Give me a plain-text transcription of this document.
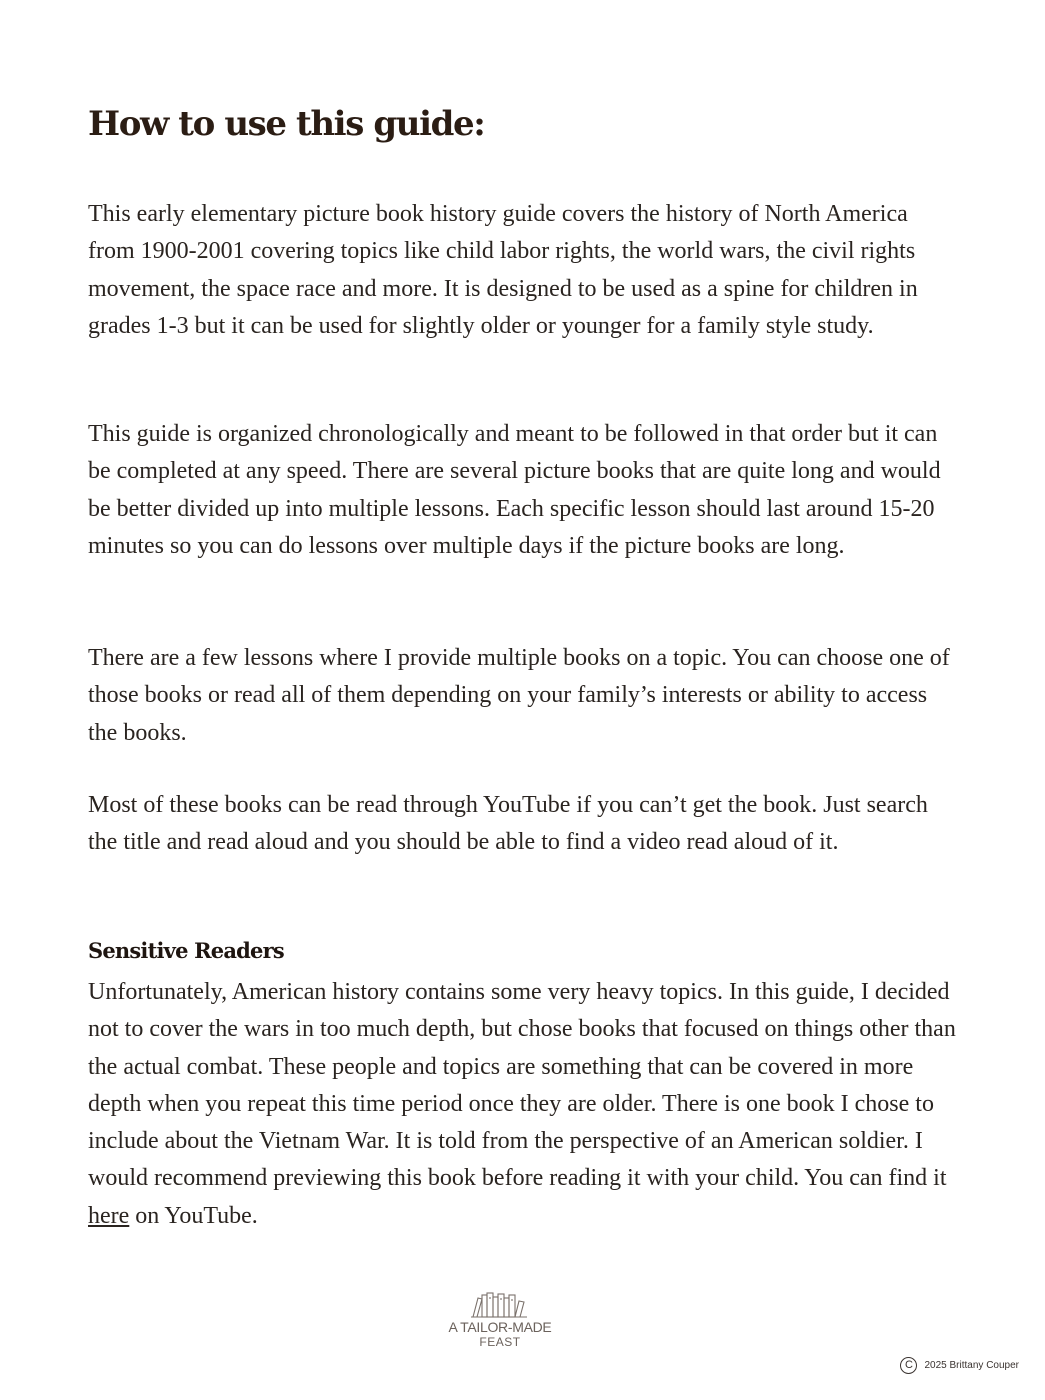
How to use this guide:

This early elementary picture book history guide covers the history of North America from 1900-2001 covering topics like child labor rights, the world wars, the civil rights movement, the space race and more. It is designed to be used as a spine for children in grades 1-3 but it can be used for slightly older or younger for a family style study.

This guide is organized chronologically and meant to be followed in that order but it can be completed at any speed. There are several picture books that are quite long and would be better divided up into multiple lessons. Each specific lesson should last around 15-20 minutes so you can do lessons over multiple days if the picture books are long.

There are a few lessons where I provide multiple books on a topic. You can choose one of those books or read all of them depending on your family’s interests or ability to access the books.

Most of these books can be read through YouTube if you can’t get the book. Just search the title and read aloud and you should be able to find a video read aloud of it.

Sensitive Readers

Unfortunately, American history contains some very heavy topics. In this guide, I decided not to cover the wars in too much depth, but chose books that focused on things other than the actual combat. These people and topics are something that can be covered in more depth when you repeat this time period once they are older. There is one book I chose to include about the Vietnam War. It is told from the perspective of an American soldier. I would recommend previewing this book before reading it with your child. You can find it here on YouTube.

A TAILOR-MADE
FEAST
C	2025 Brittany Couper
